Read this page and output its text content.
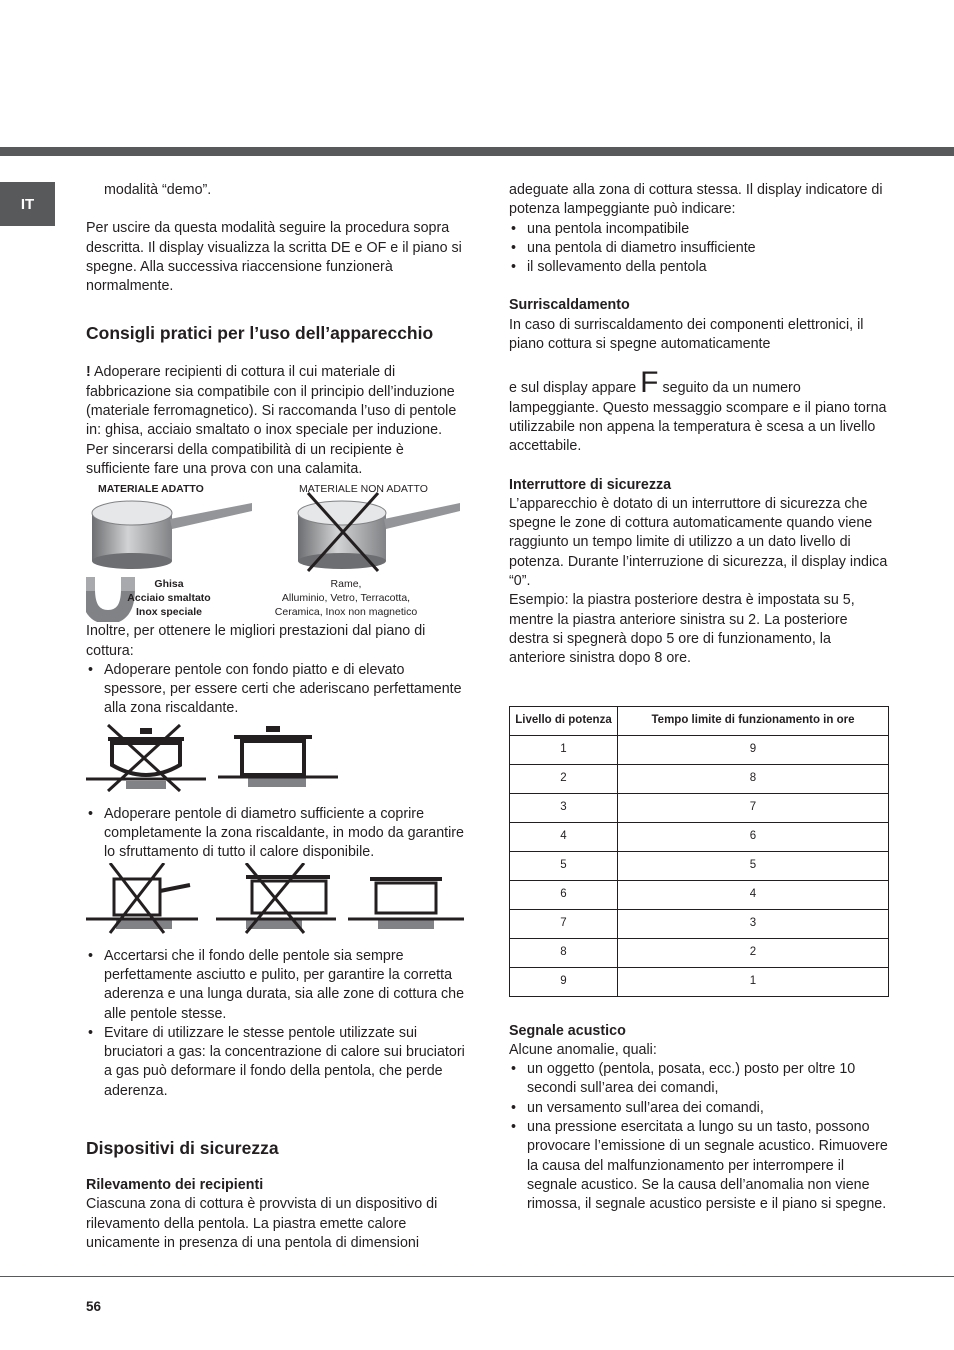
IT

modalità “demo”.

Per uscire da questa modalità seguire la procedura sopra descritta. Il display visualizza la scritta DE e OF e il piano si spegne. Alla successiva riaccensione funzionerà normalmente.

Consigli pratici per l’uso dell’apparecchio

! Adoperare recipienti di cottura il cui materiale di fabbricazione sia compatibile con il principio dell’induzione (materiale ferromagnetico). Si raccomanda l’uso di pentole in: ghisa, acciaio smaltato o inox speciale per induzione. Per sincerarsi della compatibilità di un recipiente è sufficiente fare una prova con una calamita.

MATERIALE ADATTO	MATERIALE NON ADATTO
Ghisa
Acciaio smaltato
Inox speciale
Rame,
Alluminio, Vetro, Terracotta,
Ceramica, Inox non magnetico

Inoltre, per ottenere le migliori prestazioni dal piano di cottura:

• Adoperare pentole con fondo piatto e di elevato spessore, per essere certi che aderiscano perfettamente alla zona riscaldante.
• Adoperare pentole di diametro sufficiente a coprire completamente la zona riscaldante, in modo da garantire lo sfruttamento di tutto il calore disponibile.
• Accertarsi che il fondo delle pentole sia sempre perfettamente asciutto e pulito, per garantire la corretta aderenza e una lunga durata, sia alle zone di cottura che alle pentole stesse.
• Evitare di utilizzare le stesse pentole utilizzate sui bruciatori a gas: la concentrazione di calore sui bruciatori a gas può deformare il fondo della pentola, che perde aderenza.

Dispositivi di sicurezza

Rilevamento dei recipienti

Ciascuna zona di cottura è provvista di un dispositivo di rilevamento della pentola. La piastra emette calore unicamente in presenza di una pentola di dimensioni

adeguate alla zona di cottura stessa. Il display indicatore di potenza lampeggiante può indicare:

• una pentola incompatibile
• una pentola di diametro insufficiente
• il sollevamento della pentola

Surriscaldamento

In caso di surriscaldamento dei componenti elettronici, il piano cottura si spegne automaticamente

e sul display appare F seguito da un numero lampeggiante. Questo messaggio scompare e il piano torna utilizzabile non appena la temperatura è scesa a un livello accettabile.

Interruttore di sicurezza

L’apparecchio è dotato di un interruttore di sicurezza che spegne le zone di cottura automaticamente quando viene raggiunto un tempo limite di utilizzo a un dato livello di potenza. Durante l’interruzione di sicurezza, il display indica “0”.

Esempio: la piastra posteriore destra è impostata su 5, mentre la piastra anteriore sinistra su 2. La posteriore destra si spegnerà dopo 5 ore di funzionamento, la anteriore sinistra dopo 8 ore.

Livello di potenza	Tempo limite di funzionamento in ore
1	9
2	8
3	7
4	6
5	5
6	4
7	3
8	2
9	1

Segnale acustico

Alcune anomalie, quali:

• un oggetto (pentola, posata, ecc.) posto per oltre 10 secondi sull’area dei comandi,
• un versamento sull’area dei comandi,
• una pressione esercitata a lungo su un tasto, possono provocare l’emissione di un segnale acustico. Rimuovere la causa del malfunzionamento per interrompere il segnale acustico. Se la causa dell’anomalia non viene rimossa, il segnale acustico persiste e il piano si spegne.
56
